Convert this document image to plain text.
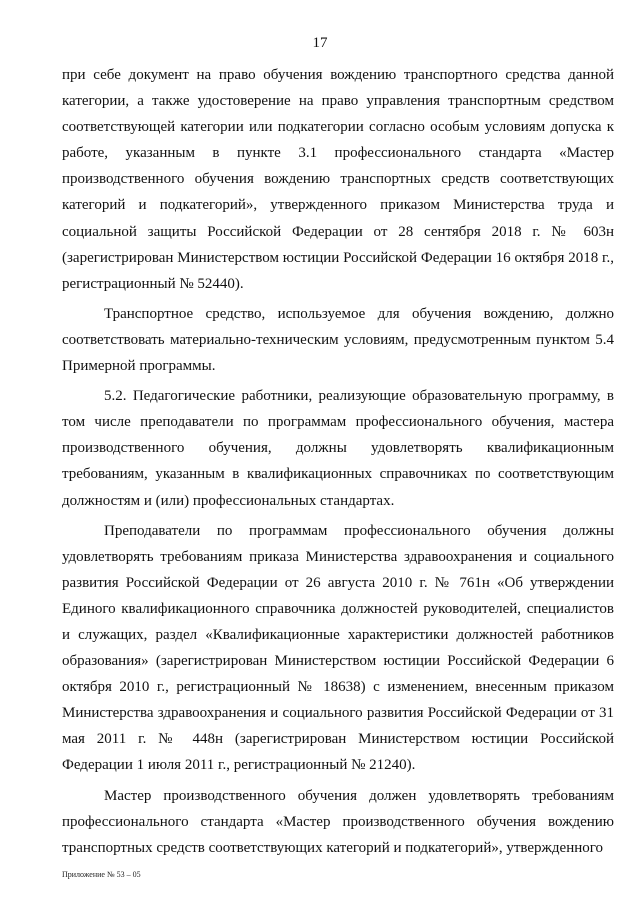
17

при себе документ на право обучения вождению транспортного средства данной категории, а также удостоверение на право управления транспортным средством соответствующей категории или подкатегории согласно особым условиям допуска к работе, указанным в пункте 3.1 профессионального стандарта «Мастер производственного обучения вождению транспортных средств соответствующих категорий и подкатегорий», утвержденного приказом Министерства труда и социальной защиты Российской Федерации от 28 сентября 2018 г. № 603н (зарегистрирован Министерством юстиции Российской Федерации 16 октября 2018 г., регистрационный № 52440).

Транспортное средство, используемое для обучения вождению, должно соответствовать материально-техническим условиям, предусмотренным пунктом 5.4 Примерной программы.

5.2. Педагогические работники, реализующие образовательную программу, в том числе преподаватели по программам профессионального обучения, мастера производственного обучения, должны удовлетворять квалификационным требованиям, указанным в квалификационных справочниках по соответствующим должностям и (или) профессиональных стандартах.

Преподаватели по программам профессионального обучения должны удовлетворять требованиям приказа Министерства здравоохранения и социального развития Российской Федерации от 26 августа 2010 г. № 761н «Об утверждении Единого квалификационного справочника должностей руководителей, специалистов и служащих, раздел «Квалификационные характеристики должностей работников образования» (зарегистрирован Министерством юстиции Российской Федерации 6 октября 2010 г., регистрационный № 18638) с изменением, внесенным приказом Министерства здравоохранения и социального развития Российской Федерации от 31 мая 2011 г. № 448н (зарегистрирован Министерством юстиции Российской Федерации 1 июля 2011 г., регистрационный № 21240).

Мастер производственного обучения должен удовлетворять требованиям профессионального стандарта «Мастер производственного обучения вождению транспортных средств соответствующих категорий и подкатегорий», утвержденного

Приложение № 53 – 05
